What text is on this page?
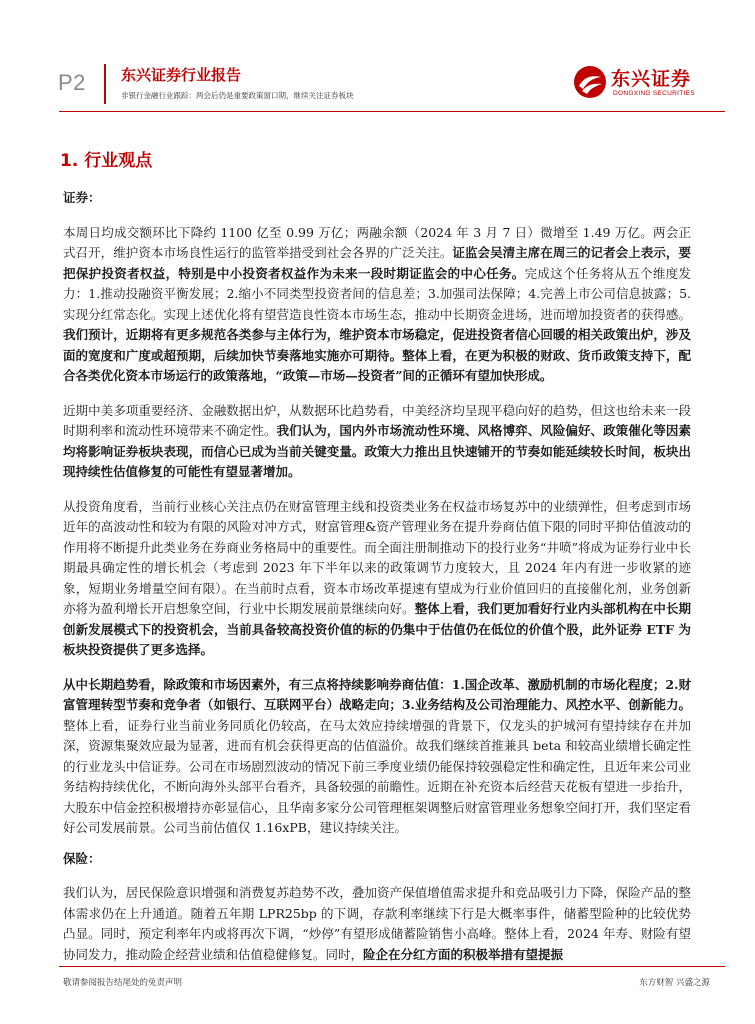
P2 东兴证券行业报告
非银行金融行业跟踪：两会后仍是重要政策窗口期，继续关注证券板块
东兴证券
DONGXING SECURITIES
1. 行业观点
证券：

本周日均成交额环比下降约 1100 亿至 0.99 万亿；两融余额（2024 年 3 月 7 日）微增至 1.49 万亿。两会正式召开，维护资本市场良性运行的监管举措受到社会各界的广泛关注。证监会吴清主席在周三的记者会上表示，要把保护投资者权益，特别是中小投资者权益作为未来一段时期证监会的中心任务。完成这个任务将从五个维度发力：1.推动投融资平衡发展；2.缩小不同类型投资者间的信息差；3.加强司法保障；4.完善上市公司信息披露；5.实现分红常态化。实现上述优化将有望营造良性资本市场生态，推动中长期资金进场，进而增加投资者的获得感。我们预计，近期将有更多规范各类参与主体行为，维护资本市场稳定，促进投资者信心回暖的相关政策出炉，涉及面的宽度和广度或超预期，后续加快节奏落地实施亦可期待。整体上看，在更为积极的财政、货币政策支持下，配合各类优化资本市场运行的政策落地，“政策—市场—投资者”间的正循环有望加快形成。

近期中美多项重要经济、金融数据出炉，从数据环比趋势看，中美经济均呈现平稳向好的趋势，但这也给未来一段时期利率和流动性环境带来不确定性。我们认为，国内外市场流动性环境、风格博弈、风险偏好、政策催化等因素均将影响证券板块表现，而信心已成为当前关键变量。政策大力推出且快速铺开的节奏如能延续较长时间，板块出现持续性估值修复的可能性有望显著增加。

从投资角度看，当前行业核心关注点仍在财富管理主线和投资类业务在权益市场复苏中的业绩弹性，但考虑到市场近年的高波动性和较为有限的风险对冲方式，财富管理&资产管理业务在提升券商估值下限的同时平抑估值波动的作用将不断提升此类业务在券商业务格局中的重要性。而全面注册制推动下的投行业务“井喷”将成为证券行业中长期最具确定性的增长机会（考虑到 2023 年下半年以来的政策调节力度较大，且 2024 年内有进一步收紧的迹象，短期业务增量空间有限）。在当前时点看，资本市场改革提速有望成为行业价值回归的直接催化剂，业务创新亦将为盈利增长开启想象空间，行业中长期发展前景继续向好。整体上看，我们更加看好行业内头部机构在中长期创新发展模式下的投资机会，当前具备较高投资价值的标的仍集中于估值仍在低位的价值个股，此外证券 ETF 为板块投资提供了更多选择。

从中长期趋势看，除政策和市场因素外，有三点将持续影响券商估值：1.国企改革、激励机制的市场化程度；2.财富管理转型节奏和竞争者（如银行、互联网平台）战略走向；3.业务结构及公司治理能力、风控水平、创新能力。整体上看，证券行业当前业务同质化仍较高，在马太效应持续增强的背景下，仅龙头的护城河有望持续存在并加深，资源集聚效应最为显著，进而有机会获得更高的估值溢价。故我们继续首推兼具 beta 和较高业绩增长确定性的行业龙头中信证券。公司在市场剧烈波动的情况下前三季度业绩仍能保持较强稳定性和确定性，且近年来公司业务结构持续优化，不断向海外头部平台看齐，具备较强的前瞻性。近期在补充资本后经营天花板有望进一步抬升，大股东中信金控积极增持亦彰显信心，且华南多家分公司管理框架调整后财富管理业务想象空间打开，我们坚定看好公司发展前景。公司当前估值仅 1.16xPB，建议持续关注。

保险：

我们认为，居民保险意识增强和消费复苏趋势不改，叠加资产保值增值需求提升和竞品吸引力下降，保险产品的整体需求仍在上升通道。随着五年期 LPR25bp 的下调，存款利率继续下行是大概率事件，储蓄型险种的比较优势凸显。同时，预定利率年内或将再次下调，“炒停”有望形成储蓄险销售小高峰。整体上看，2024 年寿、财险有望协同发力，推动险企经营业绩和估值稳健修复。同时，险企在分红方面的积极举措有望提振

敬请参阅报告结尾处的免责声明	东方财智 兴盛之源
